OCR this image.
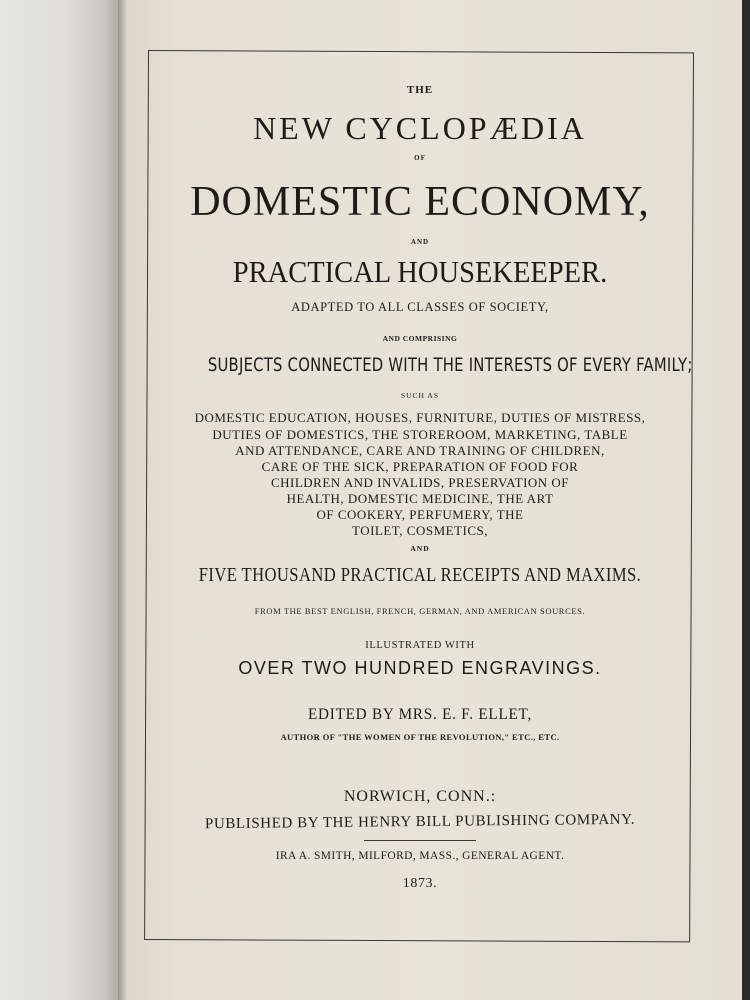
THE
NEW CYCLOPÆDIA
OF
DOMESTIC ECONOMY,
AND
PRACTICAL HOUSEKEEPER.
ADAPTED TO ALL CLASSES OF SOCIETY,
AND COMPRISING
SUBJECTS CONNECTED WITH THE INTERESTS OF EVERY FAMILY;
SUCH AS
DOMESTIC EDUCATION, HOUSES, FURNITURE, DUTIES OF MISTRESS,
DUTIES OF DOMESTICS, THE STOREROOM, MARKETING, TABLE
AND ATTENDANCE, CARE AND TRAINING OF CHILDREN,
CARE OF THE SICK, PREPARATION OF FOOD FOR
CHILDREN AND INVALIDS, PRESERVATION OF
HEALTH, DOMESTIC MEDICINE, THE ART
OF COOKERY, PERFUMERY, THE
TOILET, COSMETICS,
AND
FIVE THOUSAND PRACTICAL RECEIPTS AND MAXIMS.
FROM THE BEST ENGLISH, FRENCH, GERMAN, AND AMERICAN SOURCES.
ILLUSTRATED WITH
OVER TWO HUNDRED ENGRAVINGS.
EDITED BY MRS. E. F. ELLET,
AUTHOR OF "THE WOMEN OF THE REVOLUTION," ETC., ETC.
NORWICH, CONN.:
PUBLISHED BY THE HENRY BILL PUBLISHING COMPANY.
IRA A. SMITH, MILFORD, MASS., GENERAL AGENT.
1873.
